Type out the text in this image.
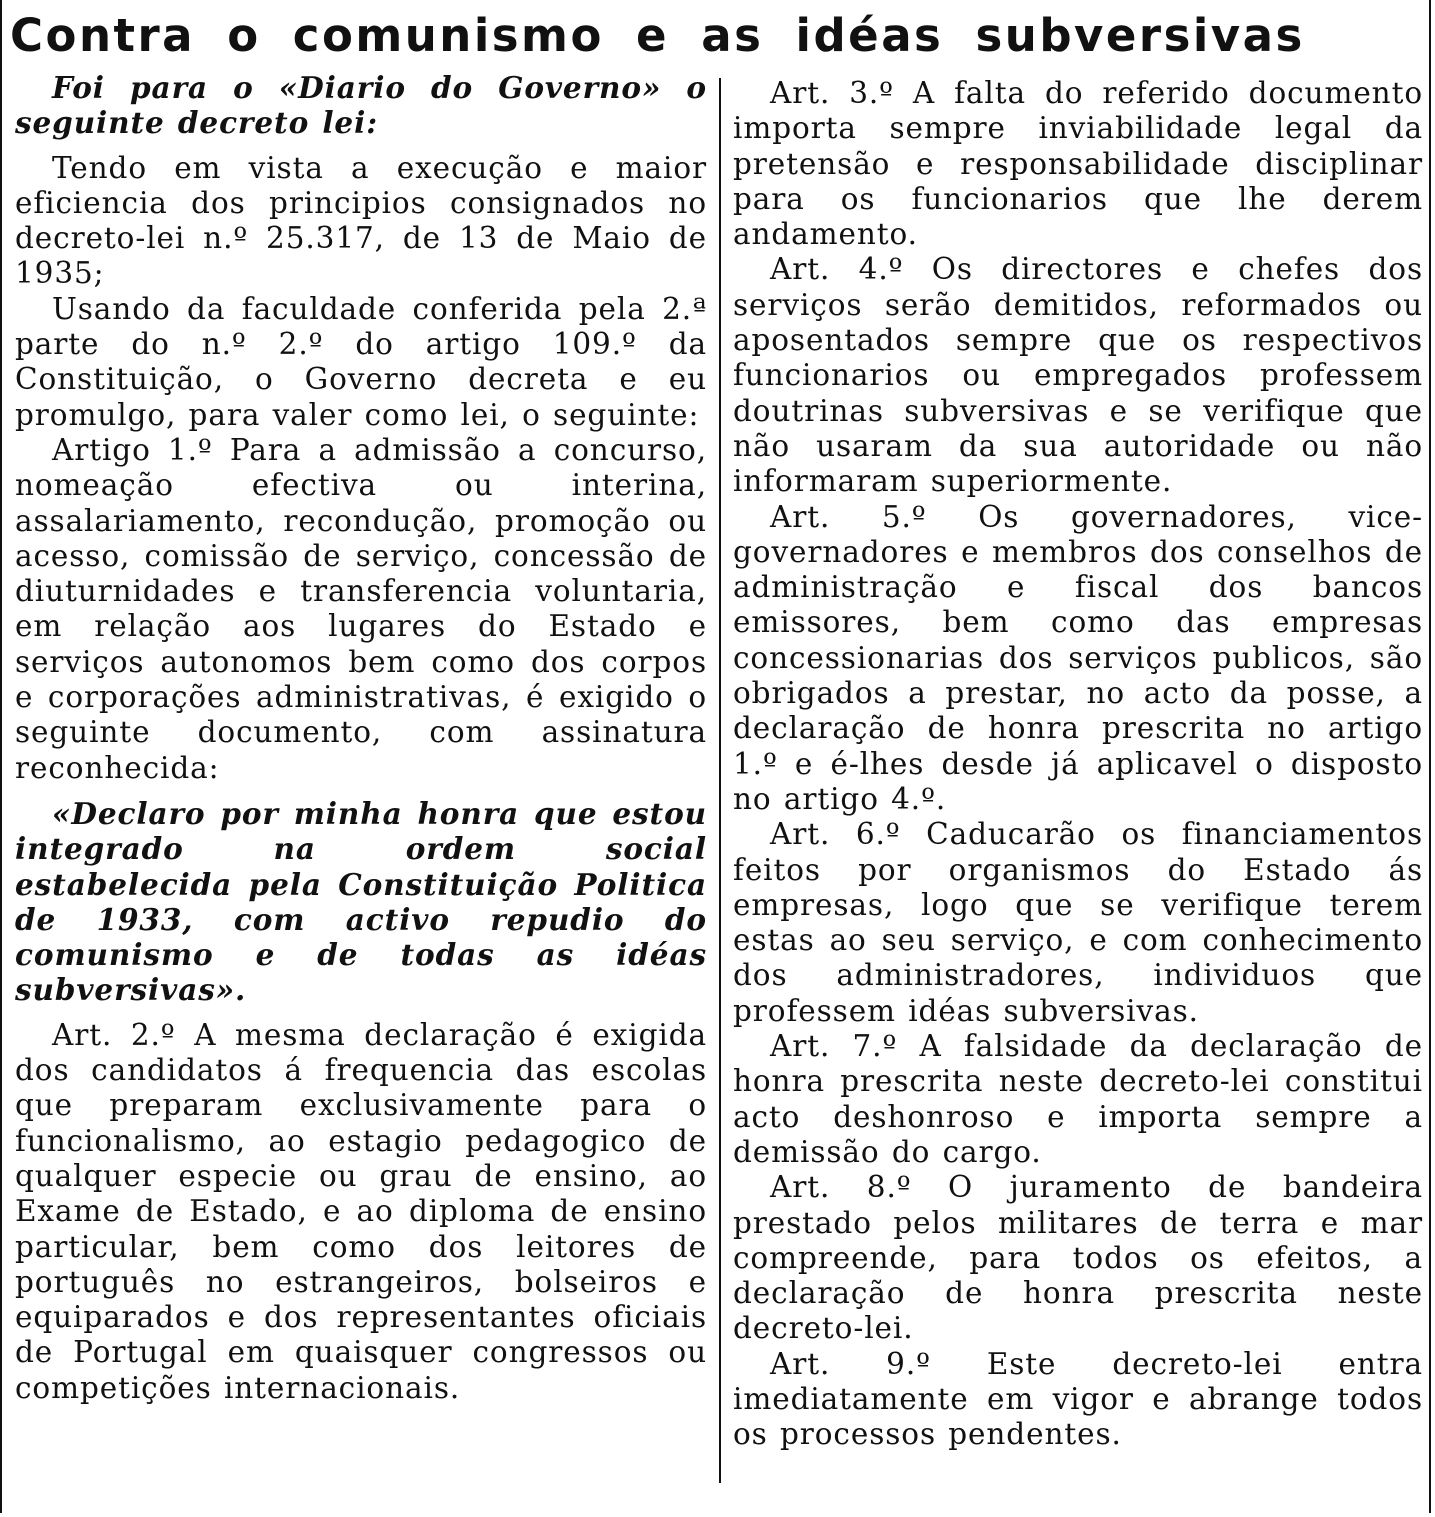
Contra o comunismo e as idéas subversivas

Foi para o «Diario do Governo» o seguinte decreto lei:

Tendo em vista a execução e maior eficiencia dos principios consignados no decreto-lei n.º 25.317, de 13 de Maio de 1935;

Usando da faculdade conferida pela 2.ª parte do n.º 2.º do artigo 109.º da Constituição, o Governo decreta e eu promulgo, para valer como lei, o seguinte:

Artigo 1.º Para a admissão a concurso, nomeação efectiva ou interina, assalariamento, recondução, promoção ou acesso, comissão de serviço, concessão de diuturnidades e transferencia voluntaria, em relação aos lugares do Estado e serviços autonomos bem como dos corpos e corporações administrativas, é exigido o seguinte documento, com assinatura reconhecida:

«Declaro por minha honra que estou integrado na ordem social estabelecida pela Constituição Politica de 1933, com activo repudio do comunismo e de todas as idéas subversivas».

Art. 2.º A mesma declaração é exigida dos candidatos á frequencia das escolas que preparam exclusivamente para o funcionalismo, ao estagio pedagogico de qualquer especie ou grau de ensino, ao Exame de Estado, e ao diploma de ensino particular, bem como dos leitores de português no estrangeiros, bolseiros e equiparados e dos representantes oficiais de Portugal em quaisquer congressos ou competições internacionais.

Art. 3.º A falta do referido documento importa sempre inviabilidade legal da pretensão e responsabilidade disciplinar para os funcionarios que lhe derem andamento.

Art. 4.º Os directores e chefes dos serviços serão demitidos, reformados ou aposentados sempre que os respectivos funcionarios ou empregados professem doutrinas subversivas e se verifique que não usaram da sua autoridade ou não informaram superiormente.

Art. 5.º Os governadores, vice-governadores e membros dos conselhos de administração e fiscal dos bancos emissores, bem como das empresas concessionarias dos serviços publicos, são obrigados a prestar, no acto da posse, a declaração de honra prescrita no artigo 1.º e é-lhes desde já aplicavel o disposto no artigo 4.º.

Art. 6.º Caducarão os financiamentos feitos por organismos do Estado ás empresas, logo que se verifique terem estas ao seu serviço, e com conhecimento dos administradores, individuos que professem idéas subversivas.

Art. 7.º A falsidade da declaração de honra prescrita neste decreto-lei constitui acto deshonroso e importa sempre a demissão do cargo.

Art. 8.º O juramento de bandeira prestado pelos militares de terra e mar compreende, para todos os efeitos, a declaração de honra prescrita neste decreto-lei.

Art. 9.º Este decreto-lei entra imediatamente em vigor e abrange todos os processos pendentes.
